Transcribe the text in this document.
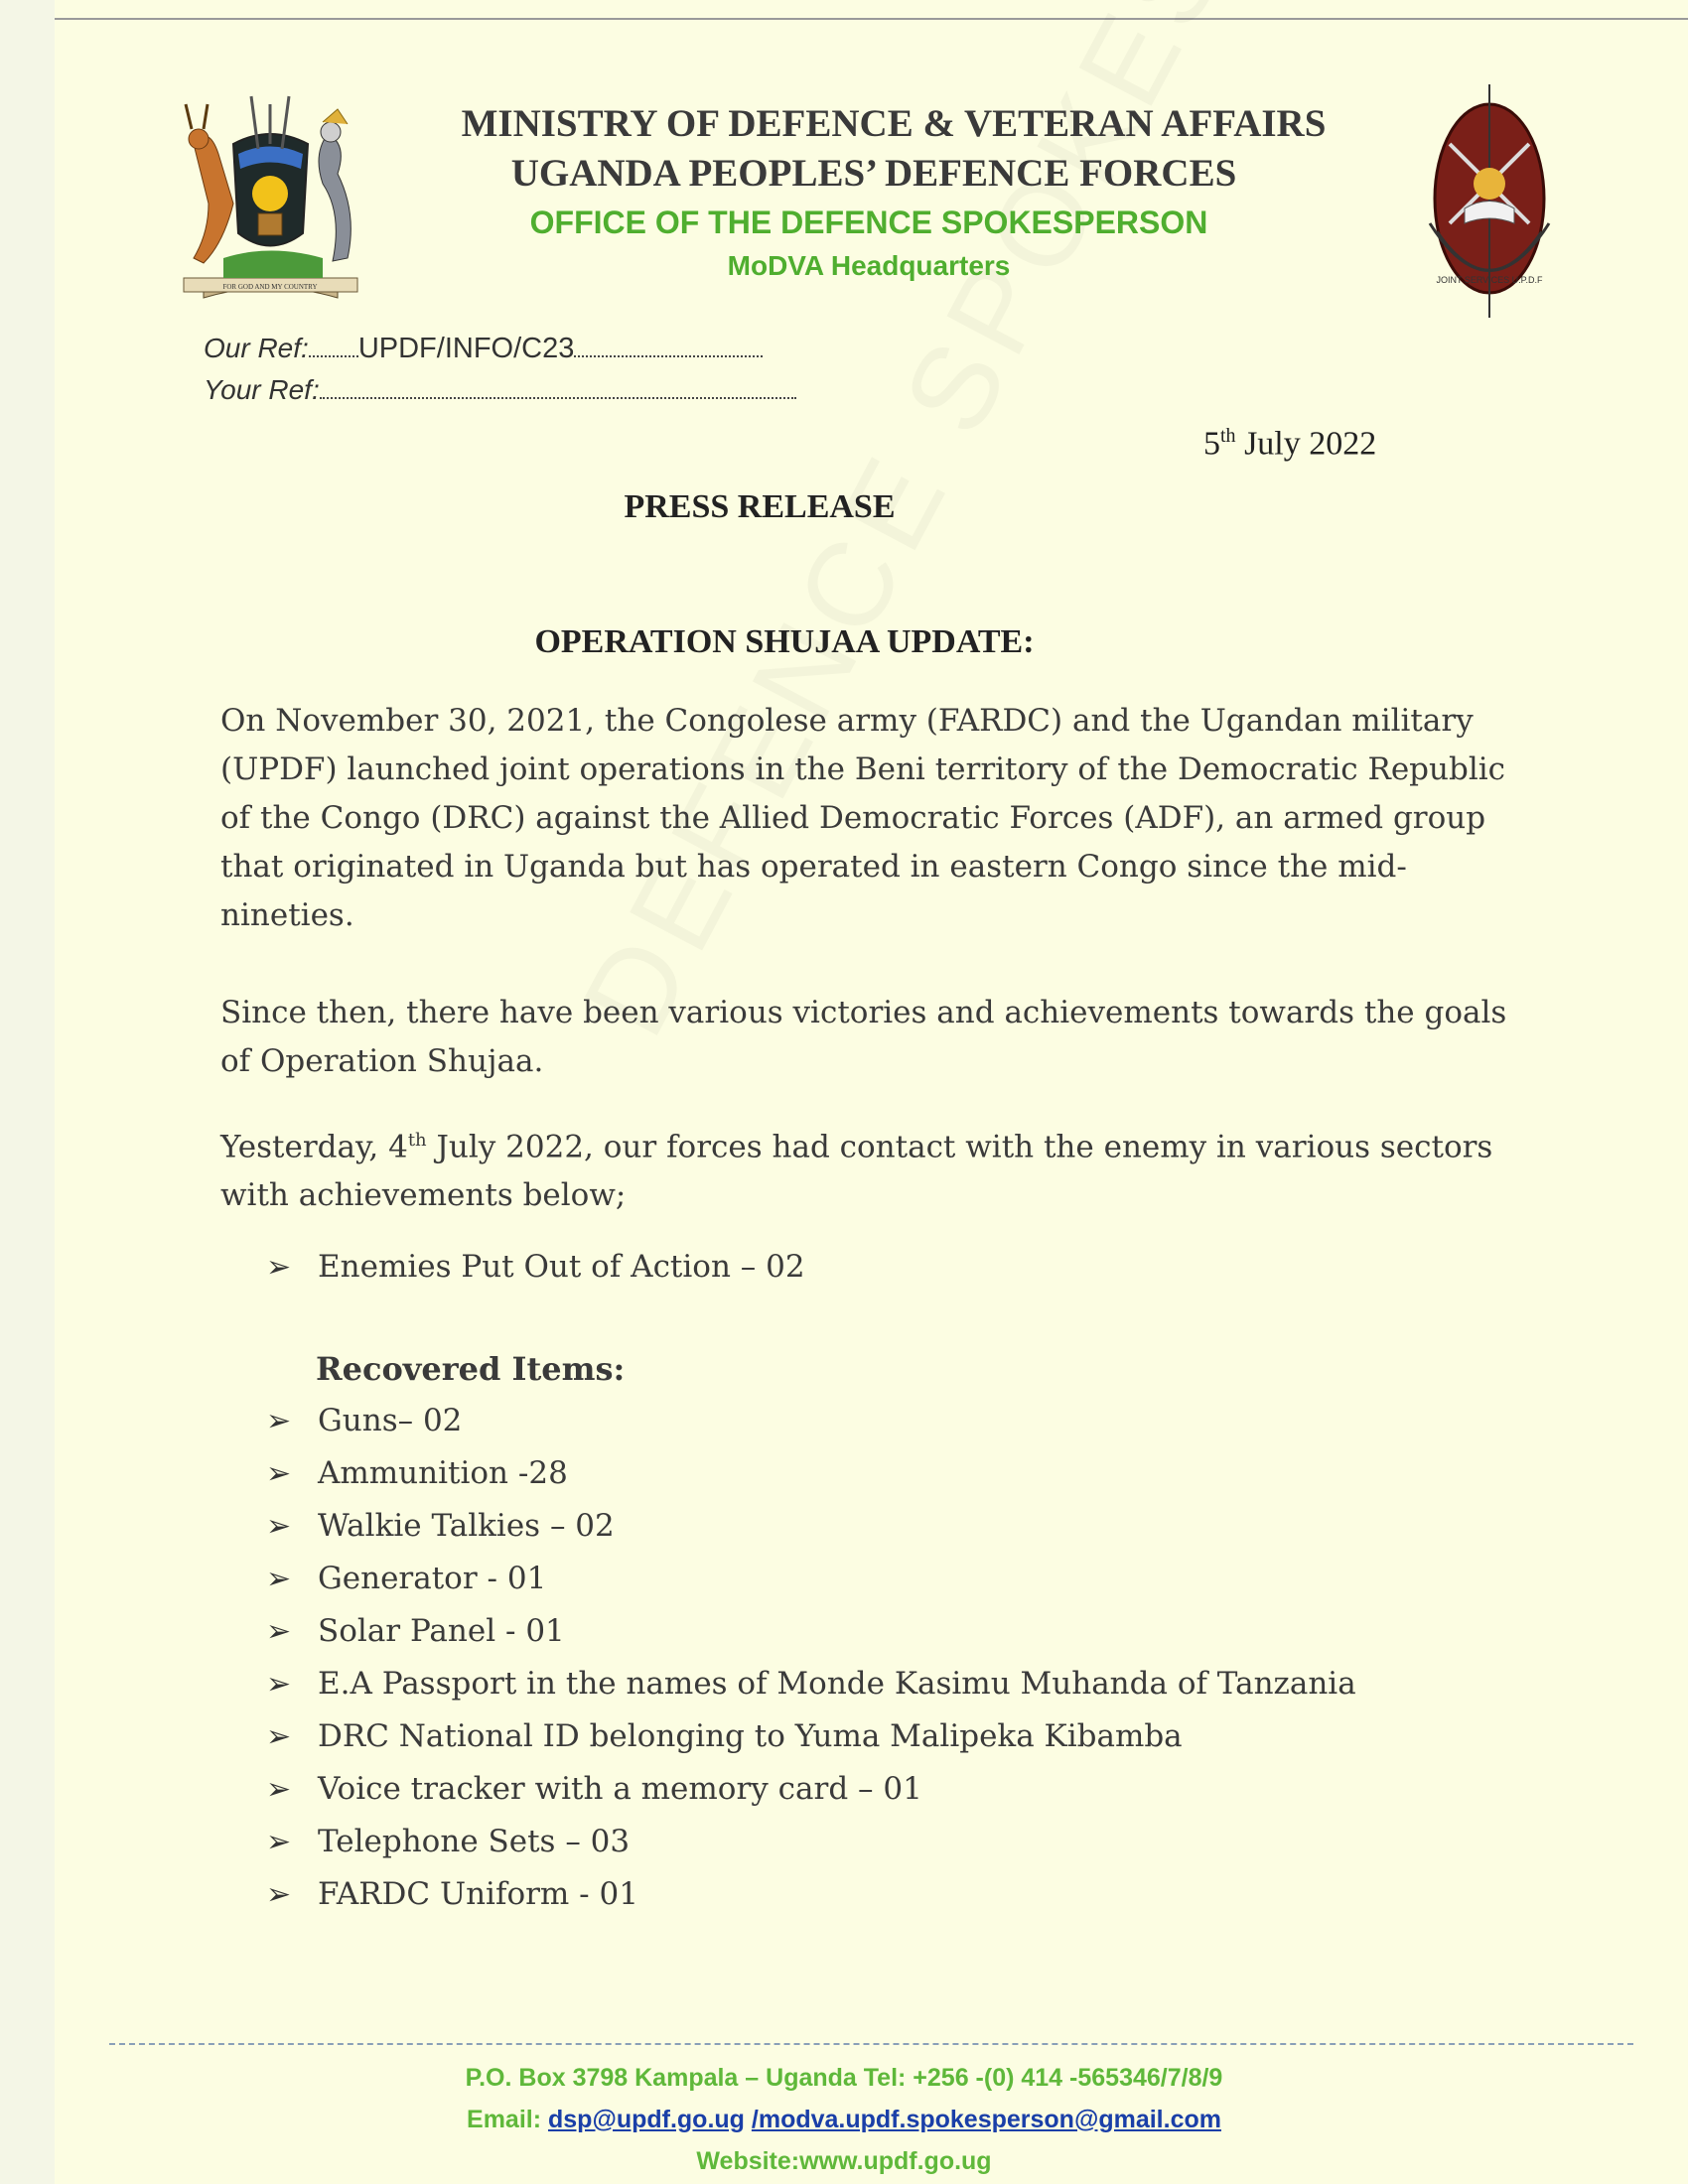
FOR GOD AND MY COUNTRY
JOINT SERVICES U.P.D.F
MINISTRY OF DEFENCE & VETERAN AFFAIRS
UGANDA PEOPLES’ DEFENCE FORCES
OFFICE OF THE DEFENCE SPOKESPERSON
MoDVA Headquarters
Our Ref: UPDF/INFO/C23
Your Ref:
5th July 2022
PRESS RELEASE
OPERATION SHUJAA UPDATE:
On November 30, 2021, the Congolese army (FARDC) and the Ugandan military (UPDF) launched joint operations in the Beni territory of the Democratic Republic of the Congo (DRC) against the Allied Democratic Forces (ADF), an armed group that originated in Uganda but has operated in eastern Congo since the mid-nineties.
Since then, there have been various victories and achievements towards the goals of Operation Shujaa.
Yesterday, 4th July 2022, our forces had contact with the enemy in various sectors with achievements below;
➢ Enemies Put Out of Action – 02
Recovered Items:
➢ Guns– 02
➢ Ammunition -28
➢ Walkie Talkies – 02
➢ Generator - 01
➢ Solar Panel - 01
➢ E.A Passport in the names of Monde Kasimu Muhanda of Tanzania
➢ DRC National ID belonging to Yuma Malipeka Kibamba
➢ Voice tracker with a memory card – 01
➢ Telephone Sets – 03
➢ FARDC Uniform - 01
P.O. Box 3798 Kampala – Uganda Tel: +256 -(0) 414 -565346/7/8/9
Email: dsp@updf.go.ug /modva.updf.spokesperson@gmail.com
Website:www.updf.go.ug
